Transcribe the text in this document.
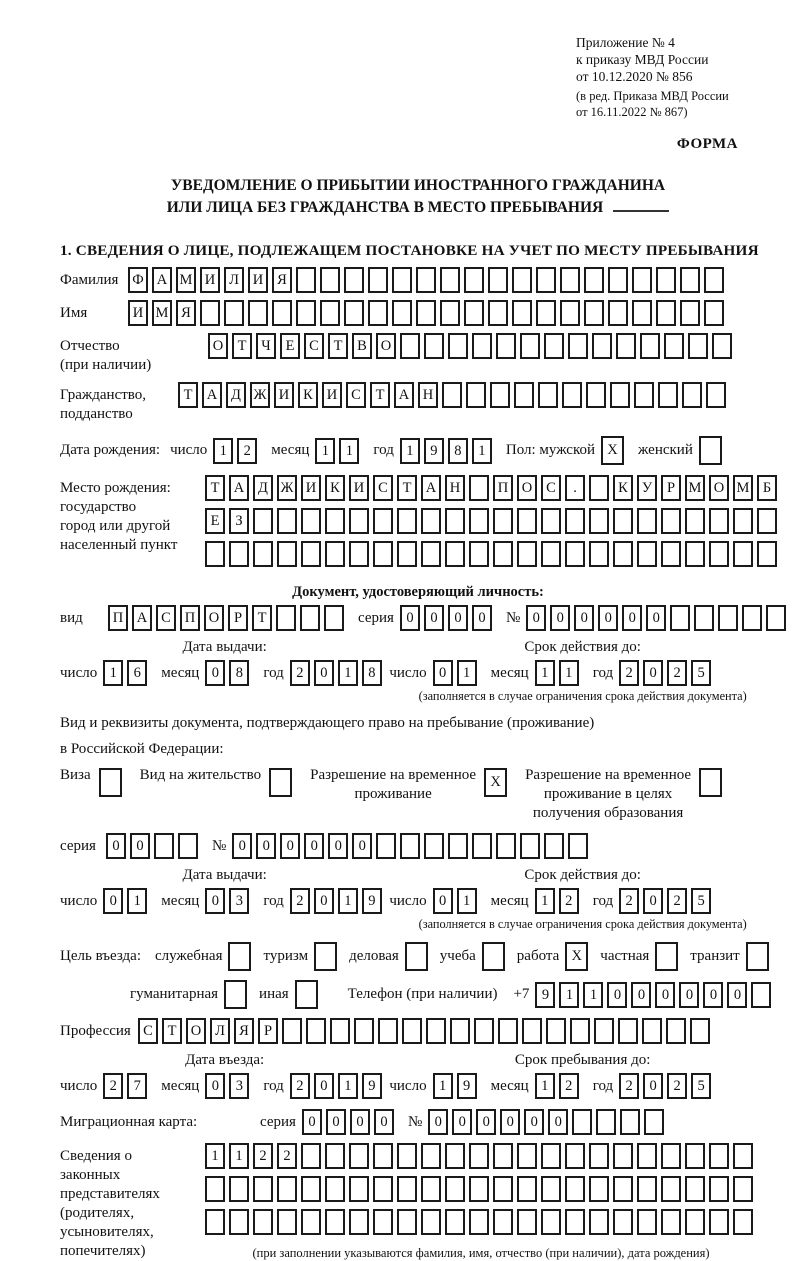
Приложение № 4
к приказу МВД России
от 10.12.2020 № 856
(в ред. Приказа МВД России
от 16.11.2022 № 867)
ФОРМА
УВЕДОМЛЕНИЕ О ПРИБЫТИИ ИНОСТРАННОГО ГРАЖДАНИНА
ИЛИ ЛИЦА БЕЗ ГРАЖДАНСТВА В МЕСТО ПРЕБЫВАНИЯ
1. СВЕДЕНИЯ О ЛИЦЕ, ПОДЛЕЖАЩЕМ ПОСТАНОВКЕ НА УЧЕТ ПО МЕСТУ ПРЕБЫВАНИЯ
Фамилия Ф А М И Л И Я
Имя	И М Я
Отчество
(при наличии)
О Т	Ч	Е	С	Т	В О
Гражданство,
подданство
Т А Д Ж И К И С	Т А Н
Дата рождения: число 1	2	месяц 1	1	год 1	9	8	1	Пол: мужской X	женский
Место рождения:
государство
город или другой
населенный пункт
Т А Д Ж И К И С	Т А Н	П О С	.	К У	Р М О М Б
Е	З
Документ, удостоверяющий личность:
вид	П А С П О	Р	Т	серия 0	0	0	0	№ 0	0	0	0	0	0
Дата выдачи:
число 1	6	месяц 0	8	год 2	0	1	8
Срок действия до:
число 0	1	месяц 1	1	год 2	0	2	5
(заполняется в случае ограничения срока действия документа)
Вид и реквизиты документа, подтверждающего право на пребывание (проживание)
в Российской Федерации:
Виза	Вид на жительство	Разрешение на временное
проживание
X	Разрешение на временное
проживание в целях
получения образования
серия	0	0	№ 0	0	0	0	0	0
Дата выдачи:
число 0	1	месяц 0	3	год 2	0	1	9
Срок действия до:
число 0	1	месяц 1	2	год 2	0	2	5
(заполняется в случае ограничения срока действия документа)
Цель въезда: служебная	туризм	деловая	учеба	работа X	частная	транзит
гуманитарная	иная	Телефон (при наличии) +7 9	1	1	0	0	0	0	0	0
Профессия С	Т О Л Я	Р
Дата въезда:
число 2	7	месяц 0	3	год 2	0	1	9
Срок пребывания до:
число 1	9	месяц 1	2	год 2	0	2	5
Миграционная карта:	серия 0	0	0	0	№ 0	0	0	0	0	0
Сведения о
законных
представителях
(родителях,
усыновителях,
попечителях)
1	1	2	2
(при заполнении указываются фамилия, имя, отчество (при наличии), дата рождения)
